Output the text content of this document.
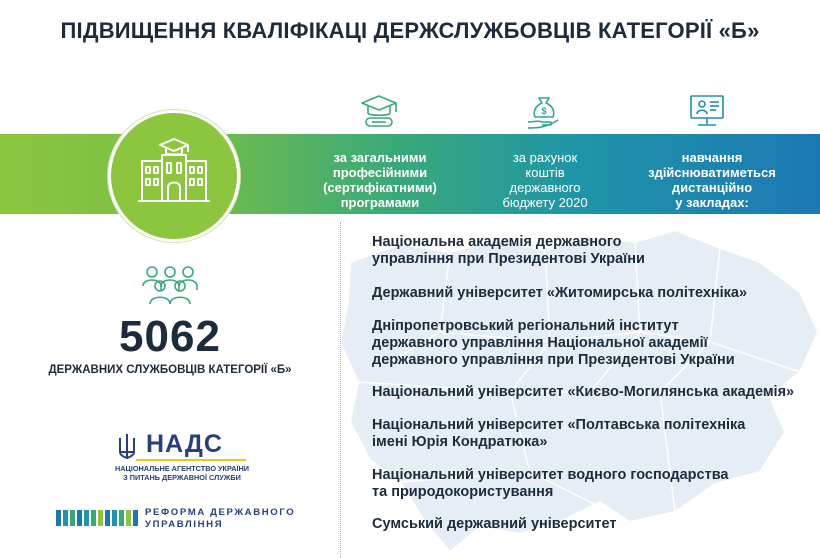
ПІДВИЩЕННЯ КВАЛІФІКАЦІ ДЕРЖСЛУЖБОВЦІВ КАТЕГОРІЇ «Б»
$
за загальними
професійними
(сертифікатними)
програмами
за рахунок
коштів
державного
бюджету 2020
навчання
здійснюватиметься
дистанційно
у закладах:
Національна академія державного
управління при Президентові України
Державний університет «Житомирська політехніка»
Дніпропетровський регіональний інститут
державного управління Національної академії
державного управління при Президентові України
Національний університет «Києво-Могилянська академія»
Національний університет «Полтавська політехніка
імені Юрія Кондратюка»
Національний університет водного господарства
та природокористування
Сумський державний університет
5062
ДЕРЖАВНИХ СЛУЖБОВЦІВ КАТЕГОРІЇ «Б»
НАДС
НАЦІОНАЛЬНЕ АГЕНТСТВО УКРАЇНИ
З ПИТАНЬ ДЕРЖАВНОЇ СЛУЖБИ
РЕФОРМА ДЕРЖАВНОГО
УПРАВЛІННЯ
